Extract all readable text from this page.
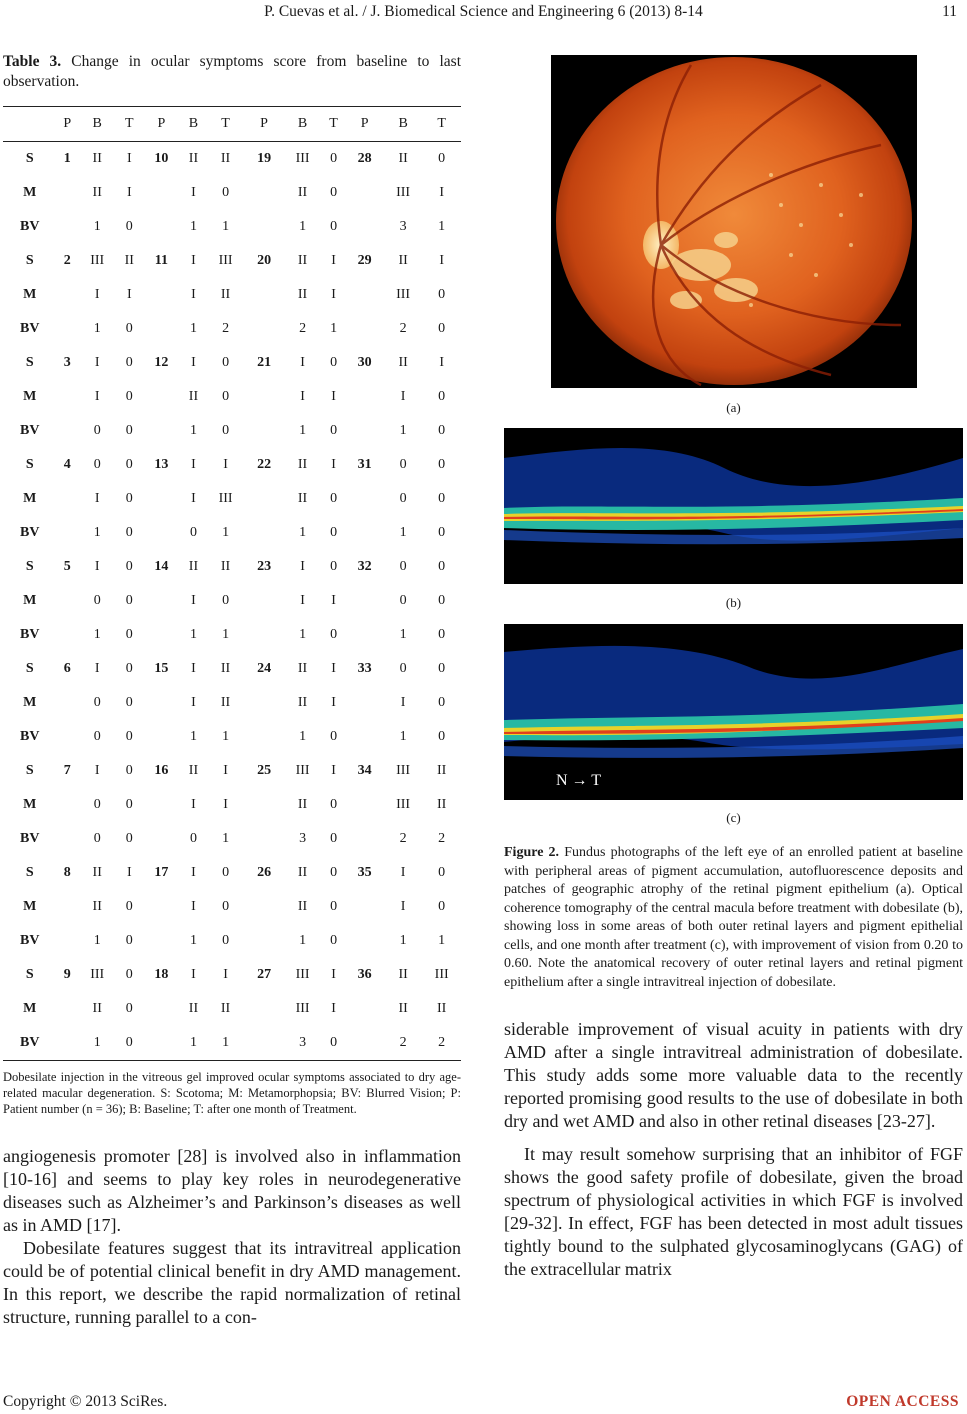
P. Cuevas et al. / J. Biomedical Science and Engineering 6 (2013) 8-14	11

Table 3. Change in ocular symptoms score from baseline to last observation.

	P	B	T	P	B	T	P	B	T	P	B	T
S	1	II	I	10	II	II	19	III	0	28	II	0
M		II	I		I	0		II	0		III	I
BV		1	0		1	1		1	0		3	1
S	2	III	II	11	I	III	20	II	I	29	II	I
M		I	I		I	II		II	I		III	0
BV		1	0		1	2		2	1		2	0
S	3	I	0	12	I	0	21	I	0	30	II	I
M		I	0		II	0		I	I		I	0
BV		0	0		1	0		1	0		1	0
S	4	0	0	13	I	I	22	II	I	31	0	0
M		I	0		I	III		II	0		0	0
BV		1	0		0	1		1	0		1	0
S	5	I	0	14	II	II	23	I	0	32	0	0
M		0	0		I	0		I	I		0	0
BV		1	0		1	1		1	0		1	0
S	6	I	0	15	I	II	24	II	I	33	0	0
M		0	0		I	II		II	I		I	0
BV		0	0		1	1		1	0		1	0
S	7	I	0	16	II	I	25	III	I	34	III	II
M		0	0		I	I		II	0		III	II
BV		0	0		0	1		3	0		2	2
S	8	II	I	17	I	0	26	II	0	35	I	0
M		II	0		I	0		II	0		I	0
BV		1	0		1	0		1	0		1	1
S	9	III	0	18	I	I	27	III	I	36	II	III
M		II	0		II	II		III	I		II	II
BV		1	0		1	1		3	0		2	2

Dobesilate injection in the vitreous gel improved ocular symptoms associated to dry age-related macular degeneration. S: Scotoma; M: Metamorphopsia; BV: Blurred Vision; P: Patient number (n = 36); B: Baseline; T: after one month of Treatment.

angiogenesis promoter [28] is involved also in inflammation [10-16] and seems to play key roles in neurodegenerative diseases such as Alzheimer’s and Parkinson’s diseases as well as in AMD [17].

Dobesilate features suggest that its intravitreal application could be of potential clinical benefit in dry AMD management. In this report, we describe the rapid normalization of retinal structure, running parallel to a con-

(a)
(b)
N → T
(c)

Figure 2. Fundus photographs of the left eye of an enrolled patient at baseline with peripheral areas of pigment accumulation, autofluorescence deposits and patches of geographic atrophy of the retinal pigment epithelium (a). Optical coherence tomography of the central macula before treatment with dobesilate (b), showing loss in some areas of both outer retinal layers and pigment epithelial cells, and one month after treatment (c), with improvement of vision from 0.20 to 0.60. Note the anatomical recovery of outer retinal layers and retinal pigment epithelium after a single intravitreal injection of dobesilate.

siderable improvement of visual acuity in patients with dry AMD after a single intravitreal administration of dobesilate. This study adds some more valuable data to the recently reported promising good results to the use of dobesilate in both dry and wet AMD and also in other retinal diseases [23-27].

It may result somehow surprising that an inhibitor of FGF shows the good safety profile of dobesilate, given the broad spectrum of physiological activities in which FGF is involved [29-32]. In effect, FGF has been detected in most adult tissues tightly bound to the sulphated glycosaminoglycans (GAG) of the extracellular matrix

Copyright © 2013 SciRes.	OPEN ACCESS
